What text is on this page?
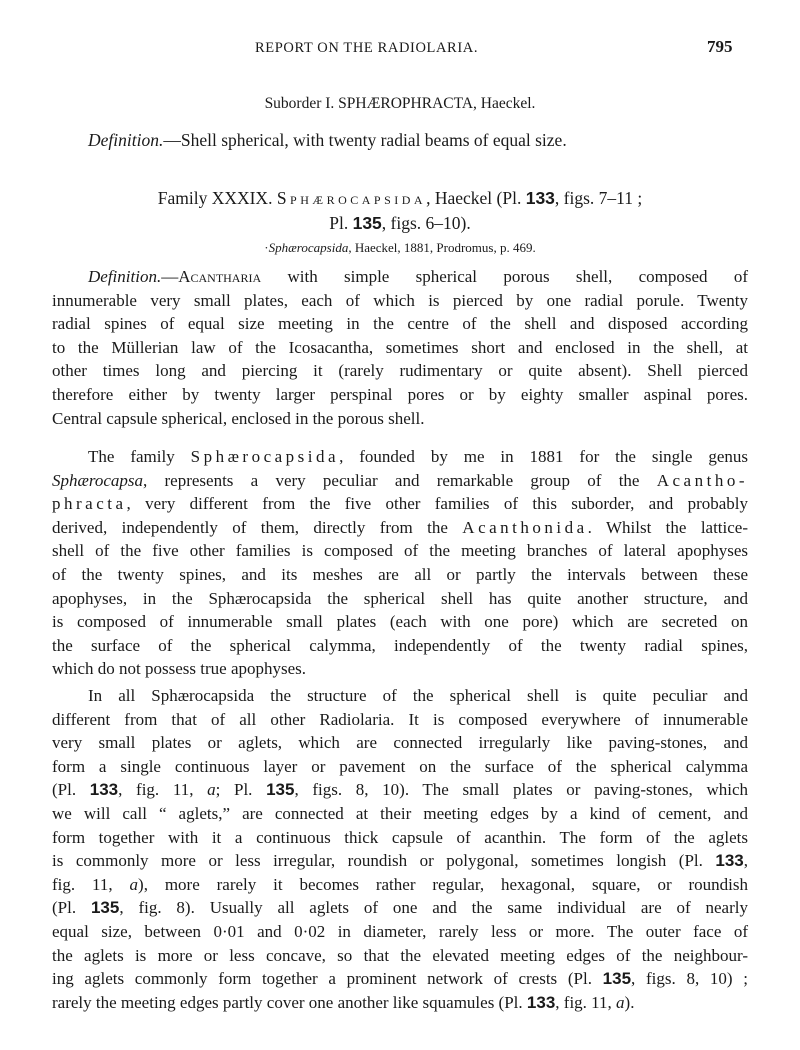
REPORT ON THE RADIOLARIA.	795
Suborder I. SPHÆROPHRACTA, Haeckel.
Definition.—Shell spherical, with twenty radial beams of equal size.
Family XXXIX. Sphærocapsida, Haeckel (Pl. 133, figs. 7–11 ;
Pl. 135, figs. 6–10).
·Sphærocapsida, Haeckel, 1881, Prodromus, p. 469.
Definition.—Acantharia with simple spherical porous shell, composed of
innumerable very small plates, each of which is pierced by one radial porule. Twenty
radial spines of equal size meeting in the centre of the shell and disposed according
to the Müllerian law of the Icosacantha, sometimes short and enclosed in the shell, at
other times long and piercing it (rarely rudimentary or quite absent). Shell pierced
therefore either by twenty larger perspinal pores or by eighty smaller aspinal pores.
Central capsule spherical, enclosed in the porous shell.
The family Sphærocapsida, founded by me in 1881 for the single genus
Sphærocapsa, represents a very peculiar and remarkable group of the Acantho-
phracta, very different from the five other families of this suborder, and probably
derived, independently of them, directly from the Acanthonida. Whilst the lattice-
shell of the five other families is composed of the meeting branches of lateral apophyses
of the twenty spines, and its meshes are all or partly the intervals between these
apophyses, in the Sphærocapsida the spherical shell has quite another structure, and
is composed of innumerable small plates (each with one pore) which are secreted on
the surface of the spherical calymma, independently of the twenty radial spines,
which do not possess true apophyses.
In all Sphærocapsida the structure of the spherical shell is quite peculiar and
different from that of all other Radiolaria. It is composed everywhere of innumerable
very small plates or aglets, which are connected irregularly like paving-stones, and
form a single continuous layer or pavement on the surface of the spherical calymma
(Pl. 133, fig. 11, a; Pl. 135, figs. 8, 10). The small plates or paving-stones, which
we will call “ aglets,” are connected at their meeting edges by a kind of cement, and
form together with it a continuous thick capsule of acanthin. The form of the aglets
is commonly more or less irregular, roundish or polygonal, sometimes longish (Pl. 133,
fig. 11, a), more rarely it becomes rather regular, hexagonal, square, or roundish
(Pl. 135, fig. 8). Usually all aglets of one and the same individual are of nearly
equal size, between 0·01 and 0·02 in diameter, rarely less or more. The outer face of
the aglets is more or less concave, so that the elevated meeting edges of the neighbour-
ing aglets commonly form together a prominent network of crests (Pl. 135, figs. 8, 10) ;
rarely the meeting edges partly cover one another like squamules (Pl. 133, fig. 11, a).
